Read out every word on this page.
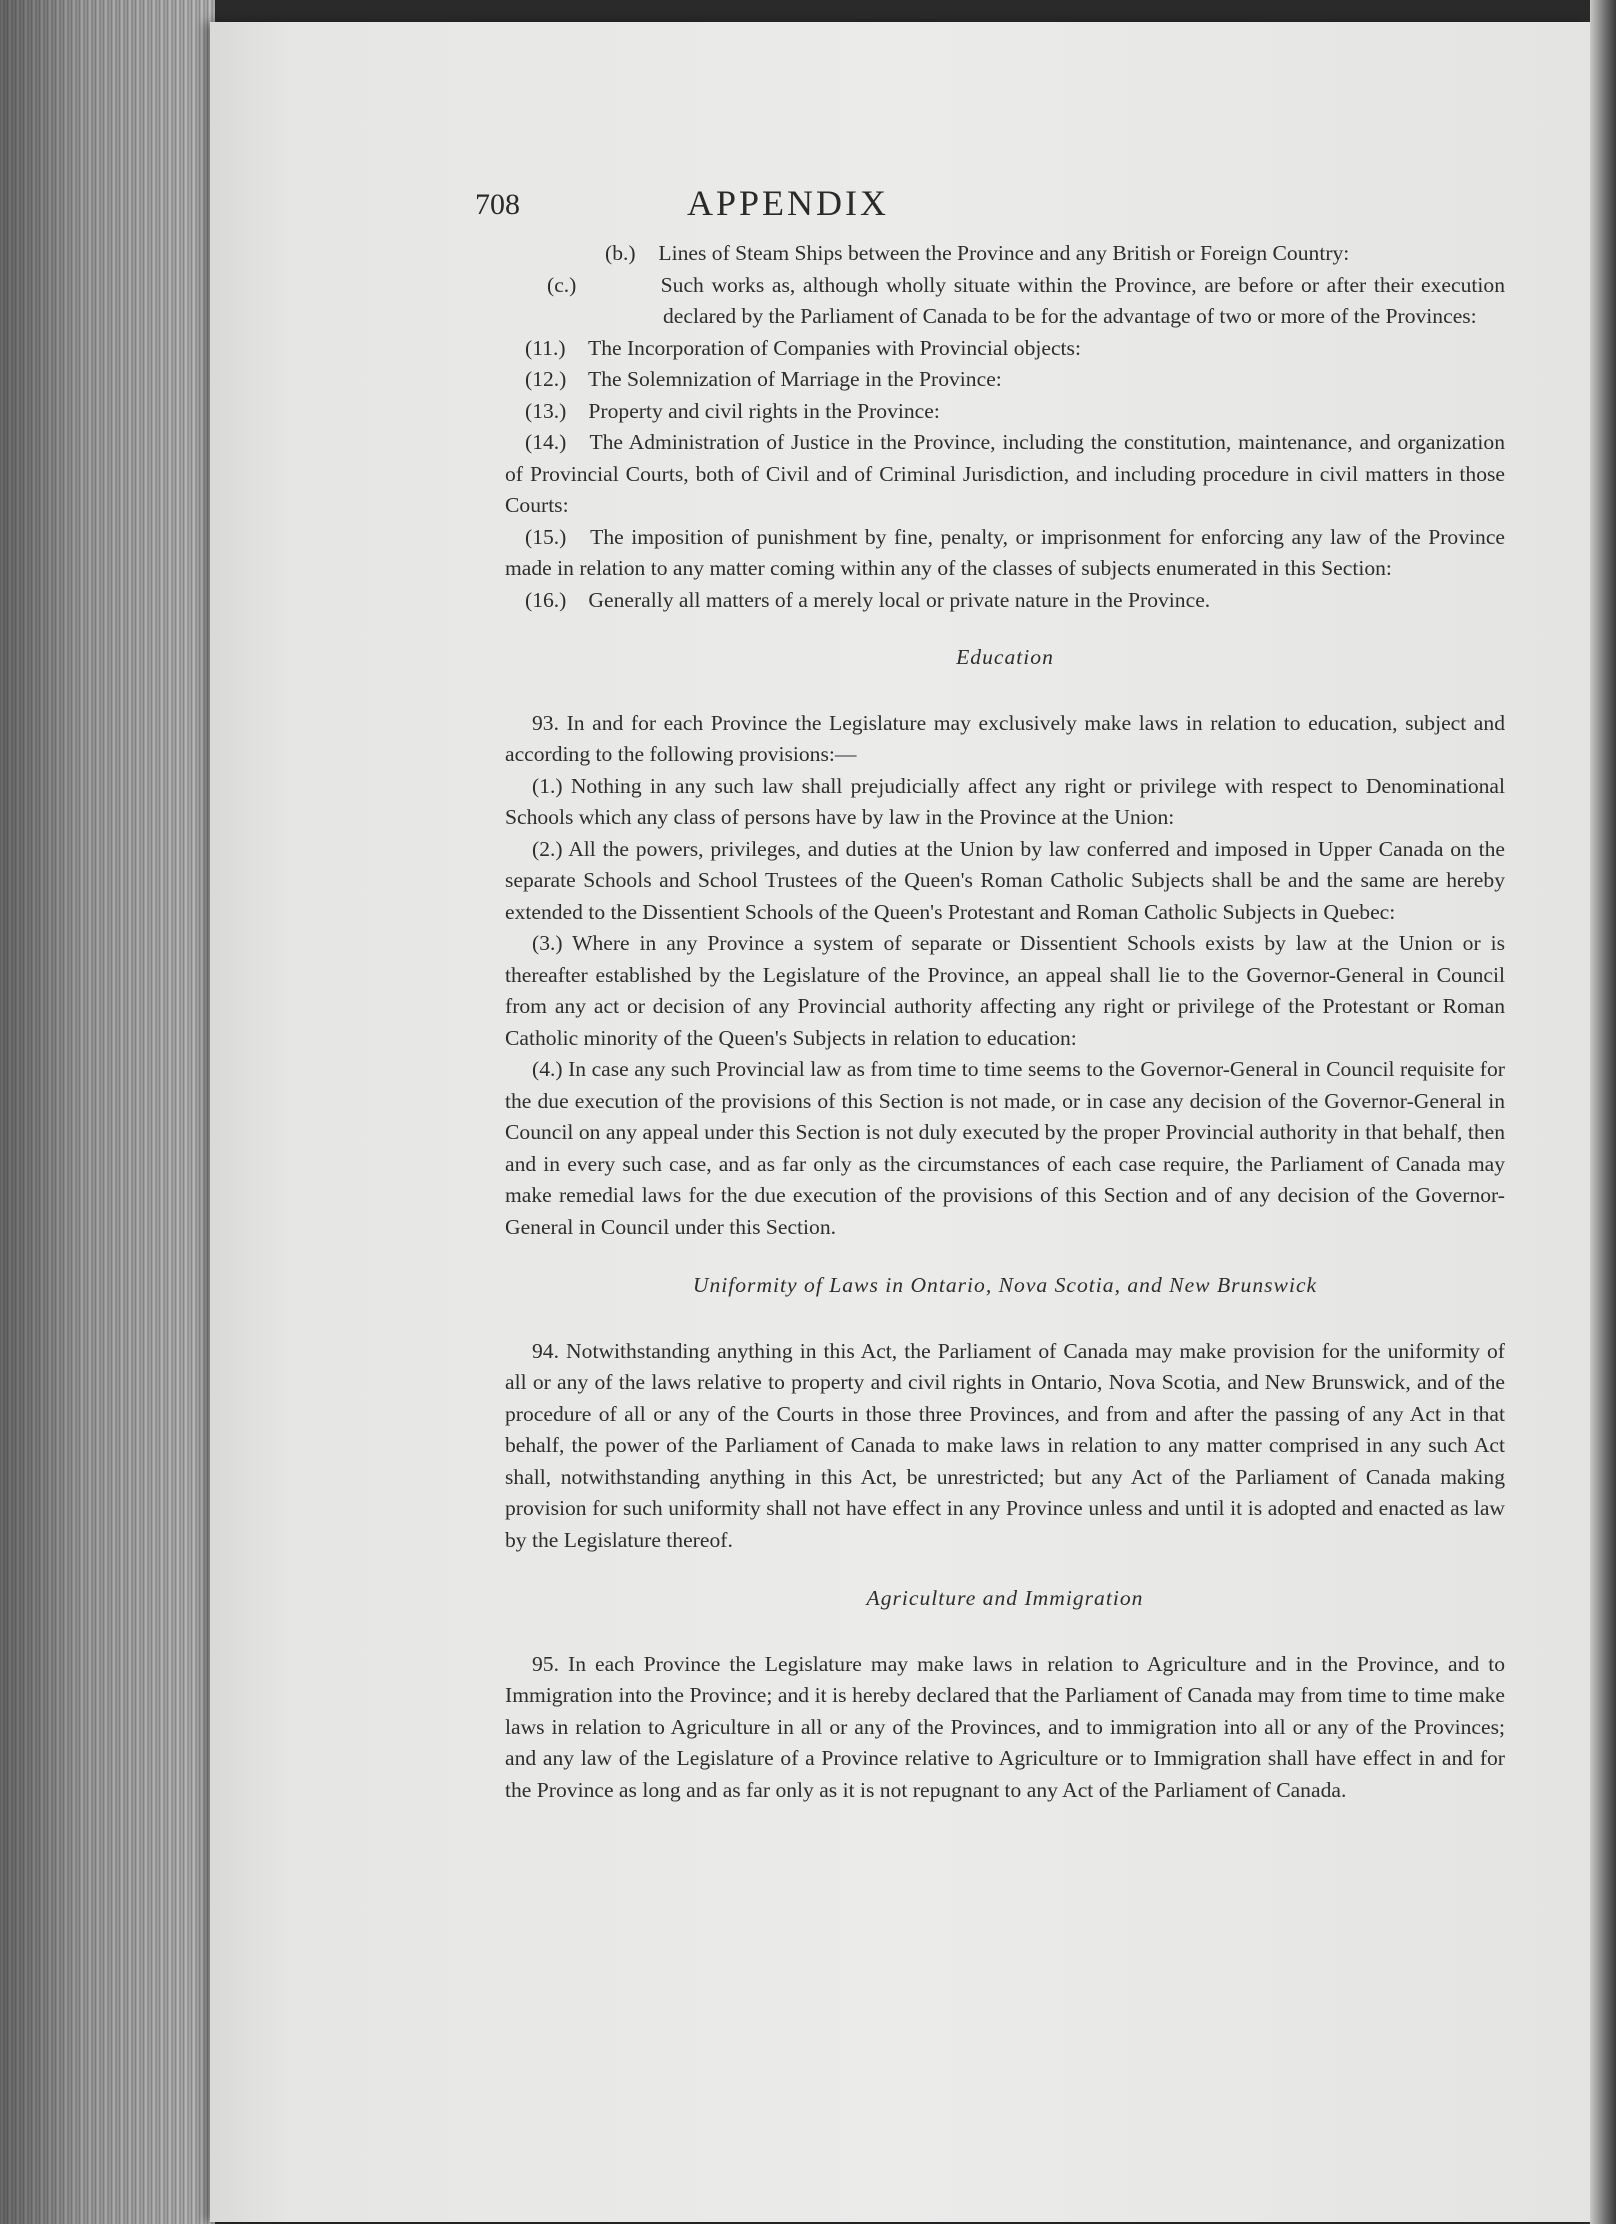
708	APPENDIX
(b.) Lines of Steam Ships between the Province and any British or Foreign Country:
(c.)	Such works as, although wholly situate within the Province, are before or after their execution declared by the Parliament of Canada to be for the advantage of two or more of the Provinces:
(11.) The Incorporation of Companies with Provincial objects:
(12.) The Solemnization of Marriage in the Province:
(13.) Property and civil rights in the Province:
(14.) The Administration of Justice in the Province, including the constitution, maintenance, and organization of Provincial Courts, both of Civil and of Criminal Jurisdiction, and including procedure in civil matters in those Courts:
(15.) The imposition of punishment by fine, penalty, or imprisonment for enforcing any law of the Province made in relation to any matter coming within any of the classes of subjects enumerated in this Section:
(16.) Generally all matters of a merely local or private nature in the Province.
Education

93. In and for each Province the Legislature may exclusively make laws in relation to education, subject and according to the following provisions:—

(1.) Nothing in any such law shall prejudicially affect any right or privilege with respect to Denominational Schools which any class of persons have by law in the Province at the Union:

(2.) All the powers, privileges, and duties at the Union by law conferred and imposed in Upper Canada on the separate Schools and School Trustees of the Queen's Roman Catholic Subjects shall be and the same are hereby extended to the Dissentient Schools of the Queen's Protestant and Roman Catholic Subjects in Quebec:

(3.) Where in any Province a system of separate or Dissentient Schools exists by law at the Union or is thereafter established by the Legislature of the Province, an appeal shall lie to the Governor-General in Council from any act or decision of any Provincial authority affecting any right or privilege of the Protestant or Roman Catholic minority of the Queen's Subjects in relation to education:

(4.) In case any such Provincial law as from time to time seems to the Governor-General in Council requisite for the due execution of the provisions of this Section is not made, or in case any decision of the Governor-General in Council on any appeal under this Section is not duly executed by the proper Provincial authority in that behalf, then and in every such case, and as far only as the circumstances of each case require, the Parliament of Canada may make remedial laws for the due execution of the provisions of this Section and of any decision of the Governor-General in Council under this Section.

Uniformity of Laws in Ontario, Nova Scotia, and New Brunswick

94. Notwithstanding anything in this Act, the Parliament of Canada may make provision for the uniformity of all or any of the laws relative to property and civil rights in Ontario, Nova Scotia, and New Brunswick, and of the procedure of all or any of the Courts in those three Provinces, and from and after the passing of any Act in that behalf, the power of the Parliament of Canada to make laws in relation to any matter comprised in any such Act shall, notwithstanding anything in this Act, be unrestricted; but any Act of the Parliament of Canada making provision for such uniformity shall not have effect in any Province unless and until it is adopted and enacted as law by the Legislature thereof.

Agriculture and Immigration

95. In each Province the Legislature may make laws in relation to Agriculture and in the Province, and to Immigration into the Province; and it is hereby declared that the Parliament of Canada may from time to time make laws in relation to Agriculture in all or any of the Provinces, and to immigration into all or any of the Provinces; and any law of the Legislature of a Province relative to Agriculture or to Immigration shall have effect in and for the Province as long and as far only as it is not repugnant to any Act of the Parliament of Canada.
